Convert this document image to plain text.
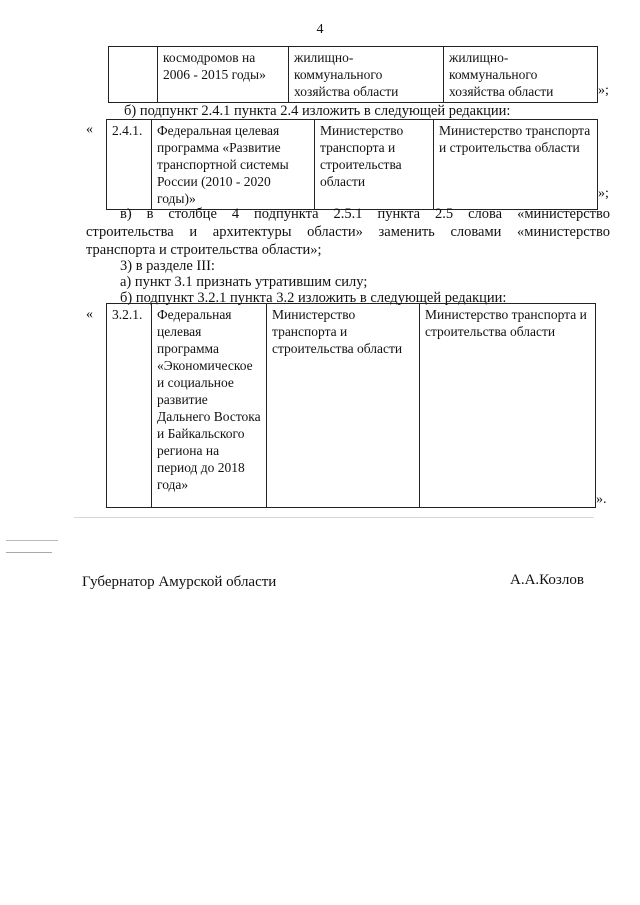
4
	космодромов на 2006 - 2015 годы»	жилищно-коммунального хозяйства области	жилищно-коммунального хозяйства области	»;
б) подпункт 2.4.1 пункта 2.4 изложить в следующей редакции:
« 2.4.1.	Федеральная целевая программа «Развитие транспортной системы России (2010 - 2020 годы)»	Министерство транспорта и строительства области	Министерство транспорта и строительства области
»;
в) в столбце 4 подпункта 2.5.1 пункта 2.5 слова «министерство
строительства и архитектуры области» заменить словами «министерство
транспорта и строительства области»;
3) в разделе III:
а) пункт 3.1 признать утратившим силу;
б) подпункт 3.2.1 пункта 3.2 изложить в следующей редакции:
« 3.2.1.	Федеральная целевая программа «Экономическое и социальное развитие Дальнего Востока и Байкальского региона на период до 2018 года»	Министерство транспорта и строительства области	Министерство транспорта и строительства области
».
Губернатор Амурской области	А.А.Козлов
